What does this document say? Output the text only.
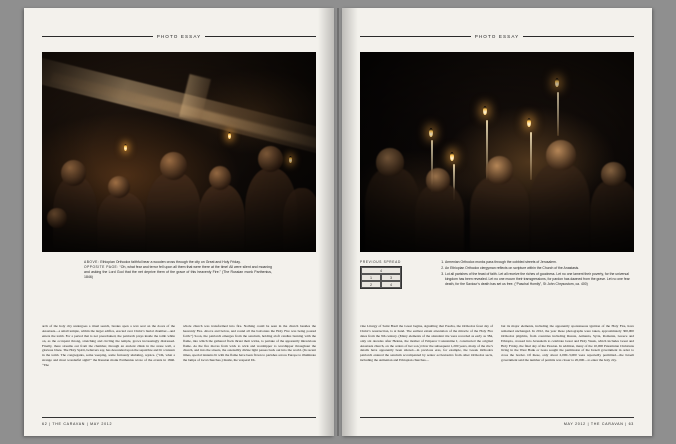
PHOTO ESSAY
ABOVE: Ethiopian Orthodox faithful bear a wooden cross through the city on Great and Holy Friday.
OPPOSITE PAGE: “Oh, what fear and terror fell upon all them that were there at the time! All were silent and moaning and asking the Lord God that the net deprive them of the grace of this heavenly Fire.” (The Russian monk Parthenius, 1846)

arch of the holy city undergoes a ritual search, breaks open a wax seal on the doors of the Anastasis—a small temple, within the larger edifice, erected over Christ’s burial chamber—and enters the tomb. For a period that is not preordained, the patriarch prays inside the tomb while on, as the occupant throng, stretching and circling the temple, grows increasingly distressed. Finally, there streams out from the chamber, through an ancient chink in the stone wall, a glorious blaze. The Holy Spirit, believers say, has descended upon the sepulchre and lit a lantern in the tomb. The congregants, some weeping, some furiously ululating, rejoice. (“Oh, what a strange and most wonderful sight!” the Russian monk Parthenius wrote of the events in 1846. “The

whole church was transformed into fire. Nothing could be seen in the church besides the heavenly Fire. Above and below, and round all the balconies the Holy Fire was being poured forth.”) Soon, the patriarch emerges from the sanctum, holding aloft candles burning with the flame, into which the gathered flock thrust their wicks, to partake of the apparently miraculous flame. As the fire moves from wick to wick and worshipper to worshipper throughout the church, and into the streets, the ostensibly divine light passes back out into the world. (In recent times, special lanterns lit with the flame have been flown to parishes across Europe to illuminate the lamps of local churches.) Inside, the vesperal Di-

62 | THE CARAVAN | MAY 2012
PHOTO ESSAY
PREVIOUS SPREAD
4
1	3
2	4
1. Armenian Orthodox monks pass through the cobbled streets of Jerusalem.
2. An Ethiopian Orthodox clergyman reflects on scripture within the Church of the Anastasis.
3. Lot all parishes of the feast of faith. Let all receive the riches of goodness. Let no one lament their poverty, for the universal kingdom has been revealed. Let no one mourn their transgressions, for pardon has dawned from the grave. Let no one fear death, for the Saviour’s death has set us free. (“Paschal Homily”, St John Chrysostom, ca. 400)

vine Liturgy of Saint Basil the Great begins, signalling that Pascha, the Orthodox feast day of Christ’s resurrection, is at hand. The earliest extant attestation of the miracle of the Holy Fire dates from the 9th century. (Many elements of the attendant rite were recorded as early as 384, only six decades after Helena, the mother of Emperor Constantine I, constructed the original Anastasis church, on the orders of her son.) Over the subsequent 1,200 years, many of the rite’s details have apparently been altered—in previous eras, for example, the Greek Orthodox patriarch entered the sanctum accompanied by senior ecclesiastics from other Orthodox sects, including the Armenian and Ethiopian churches—

but its major elements, including the apparently spontaneous ignition of the Holy Fire, have remained unchanged. In 2012, the year these photographs were taken, approximately 300,000 Orthodox pilgrims, from countries including Russia, Armenia, Syria, Romania, Greece and Ethiopia, crossed into Jerusalem to celebrate Great and Holy Week, which includes Great and Holy Friday, the final day of the Passion. In addition, many of the 10,000 Palestinian Christians living in the West Bank or Gaza sought the permission of the Israeli government in order to cross the border. Of these, only about 2,000–3,000 were reportedly permitted—the Israeli government said the number of permits was closer to 20,000—to enter the holy city.

MAY 2012 | THE CARAVAN | 63
